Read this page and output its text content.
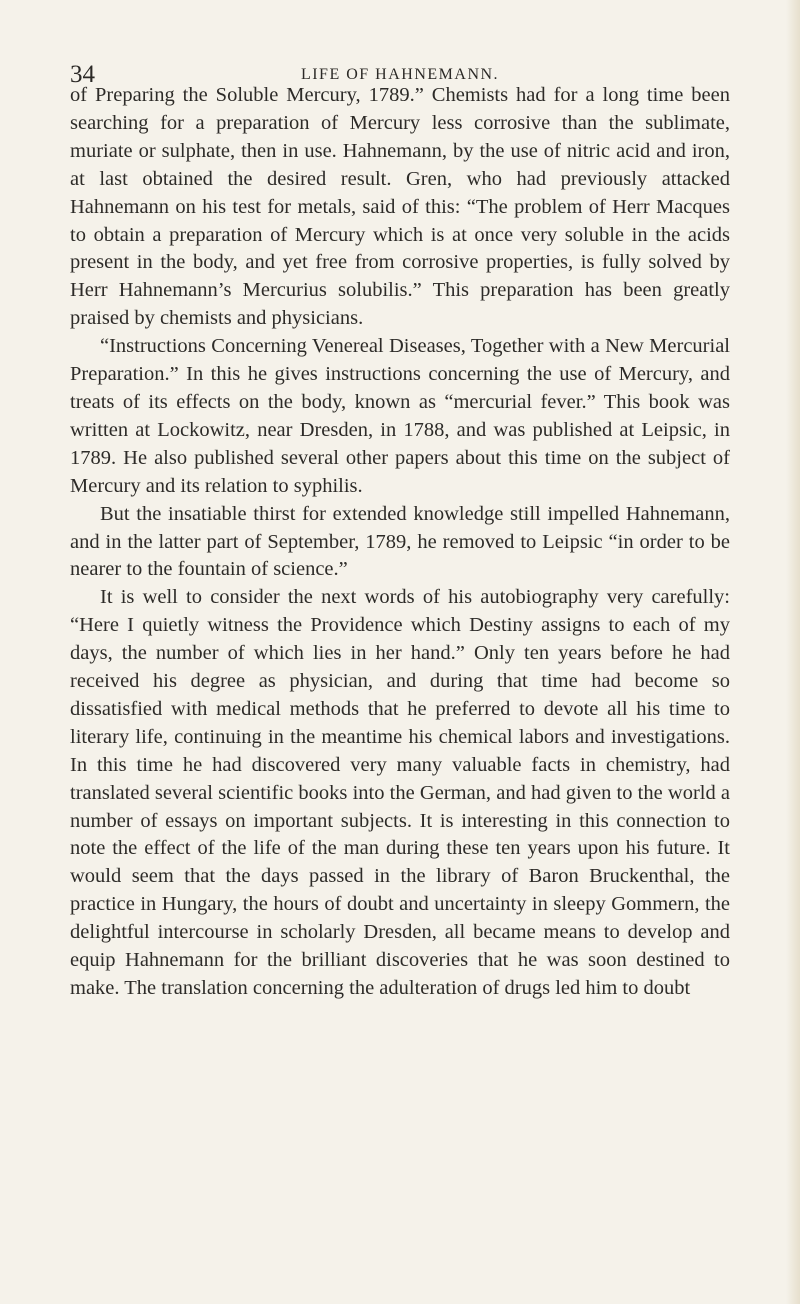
34	LIFE OF HAHNEMANN.

of Preparing the Soluble Mercury, 1789.” Chemists had for a long time been searching for a preparation of Mercury less corrosive than the sublimate, muriate or sulphate, then in use. Hahnemann, by the use of nitric acid and iron, at last obtained the desired result. Gren, who had previously attacked Hahnemann on his test for metals, said of this: “The problem of Herr Macques to obtain a preparation of Mercury which is at once very soluble in the acids present in the body, and yet free from corrosive properties, is fully solved by Herr Hahnemann’s Mercurius solubilis.” This preparation has been greatly praised by chemists and physicians.

“Instructions Concerning Venereal Diseases, Together with a New Mercurial Preparation.” In this he gives instructions concerning the use of Mercury, and treats of its effects on the body, known as “mercurial fever.” This book was written at Lockowitz, near Dresden, in 1788, and was published at Leipsic, in 1789. He also published several other papers about this time on the subject of Mercury and its relation to syphilis.

But the insatiable thirst for extended knowledge still impelled Hahnemann, and in the latter part of September, 1789, he removed to Leipsic “in order to be nearer to the fountain of science.”

It is well to consider the next words of his autobiography very carefully: “Here I quietly witness the Providence which Destiny assigns to each of my days, the number of which lies in her hand.” Only ten years before he had received his degree as physician, and during that time had become so dissatisfied with medical methods that he preferred to devote all his time to literary life, continuing in the meantime his chemical labors and investigations. In this time he had discovered very many valuable facts in chemistry, had translated several scientific books into the German, and had given to the world a number of essays on important subjects. It is interesting in this connection to note the effect of the life of the man during these ten years upon his future. It would seem that the days passed in the library of Baron Bruckenthal, the practice in Hungary, the hours of doubt and uncertainty in sleepy Gommern, the delightful intercourse in scholarly Dresden, all became means to develop and equip Hahnemann for the brilliant discoveries that he was soon destined to make. The translation concerning the adulteration of drugs led him to doubt
